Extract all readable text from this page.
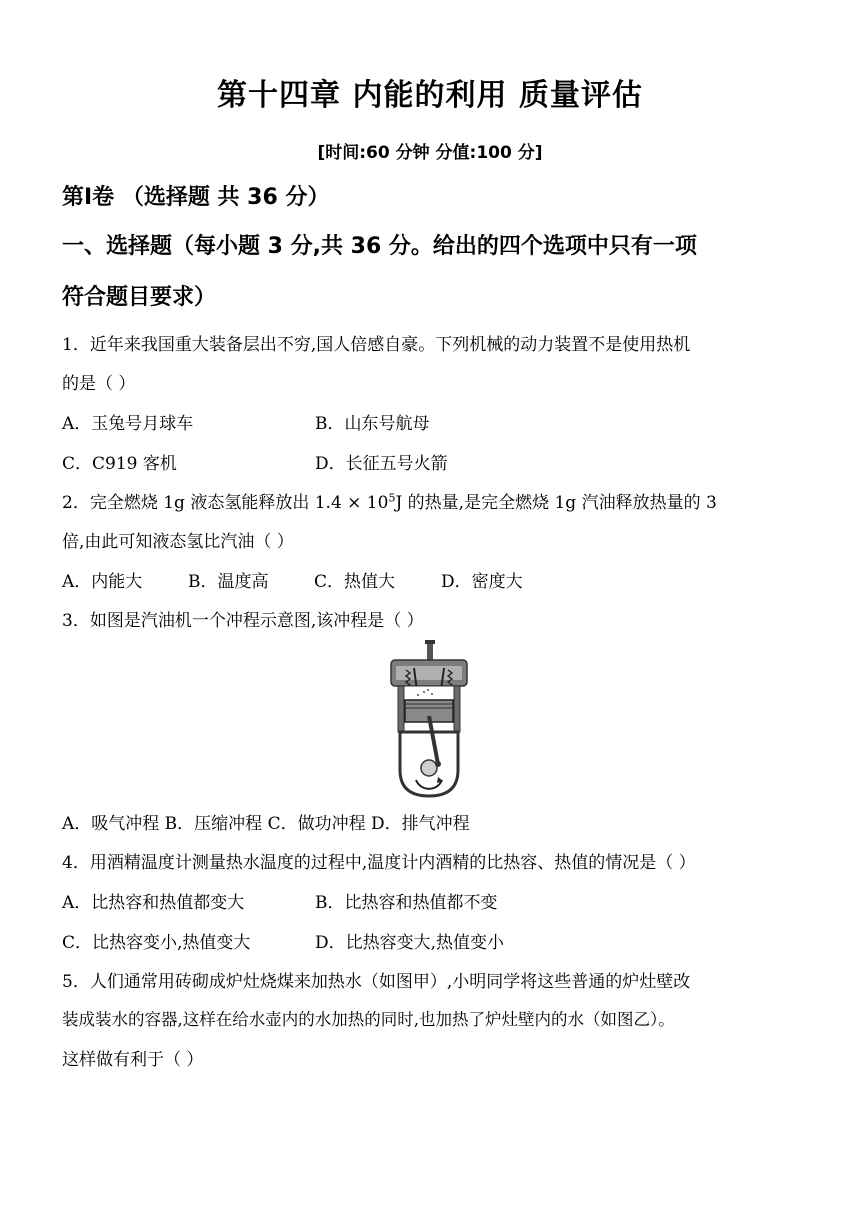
第十四章 内能的利用 质量评估
[时间:60 分钟 分值:100 分]
第Ⅰ卷 （选择题 共 36 分）
一、选择题（每小题 3 分,共 36 分。给出的四个选项中只有一项
符合题目要求）
1．近年来我国重大装备层出不穷,国人倍感自豪。下列机械的动力装置不是使用热机
的是（ ）
A．玉兔号月球车	B．山东号航母
C．C919 客机	D．长征五号火箭
2．完全燃烧 1g 液态氢能释放出 $1.4 \times 10^5J$ 的热量,是完全燃烧 1g 汽油释放热量的 3
倍,由此可知液态氢比汽油（ ）
A．内能大	B．温度高	C．热值大	D．密度大
3．如图是汽油机一个冲程示意图,该冲程是（ ）
A．吸气冲程 B．压缩冲程 C．做功冲程 D．排气冲程
4．用酒精温度计测量热水温度的过程中,温度计内酒精的比热容、热值的情况是（ ）
A．比热容和热值都变大	B．比热容和热值都不变
C．比热容变小,热值变大	D．比热容变大,热值变小
5．人们通常用砖砌成炉灶烧煤来加热水（如图甲）,小明同学将这些普通的炉灶壁改
装成装水的容器,这样在给水壶内的水加热的同时,也加热了炉灶壁内的水（如图乙）。
这样做有利于（ ）
